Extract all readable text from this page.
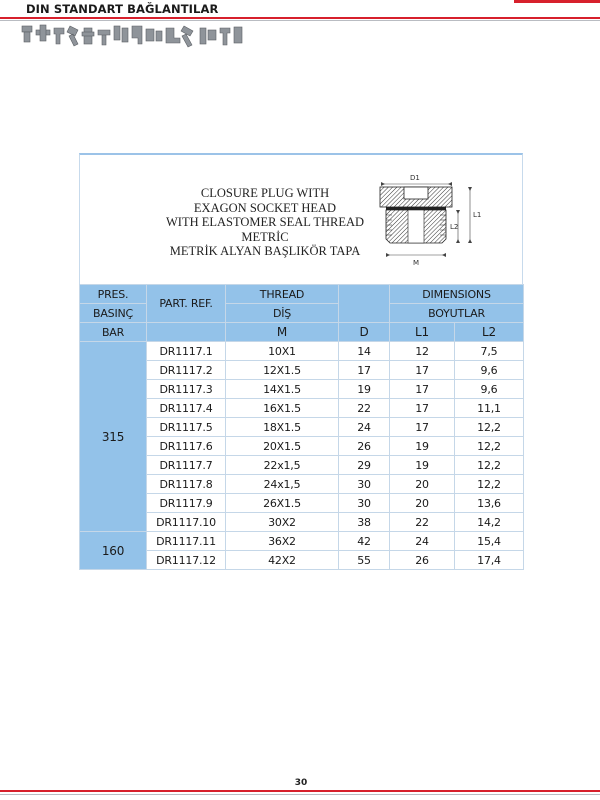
DIN STANDART BAĞLANTILAR
CLOSURE PLUG WITH
EXAGON SOCKET HEAD
WITH ELASTOMER SEAL THREAD METRİC
METRİK ALYAN BAŞLIKÖR TAPA
D1
M
L1
L2
PRES.	PART. REF.	THREAD		DIMENSIONS	
BASINÇ		DİŞ		BOYUTLAR	
BAR		M	D	L1	L2
315	DR1117.1	10X1	14	12	7,5
	DR1117.2	12X1.5	17	17	9,6
	DR1117.3	14X1.5	19	17	9,6
	DR1117.4	16X1.5	22	17	11,1
	DR1117.5	18X1.5	24	17	12,2
	DR1117.6	20X1.5	26	19	12,2
	DR1117.7	22x1,5	29	19	12,2
	DR1117.8	24x1,5	30	20	12,2
	DR1117.9	26X1.5	30	20	13,6
	DR1117.10	30X2	38	22	14,2
160	DR1117.11	36X2	42	24	15,4
	DR1117.12	42X2	55	26	17,4
30
